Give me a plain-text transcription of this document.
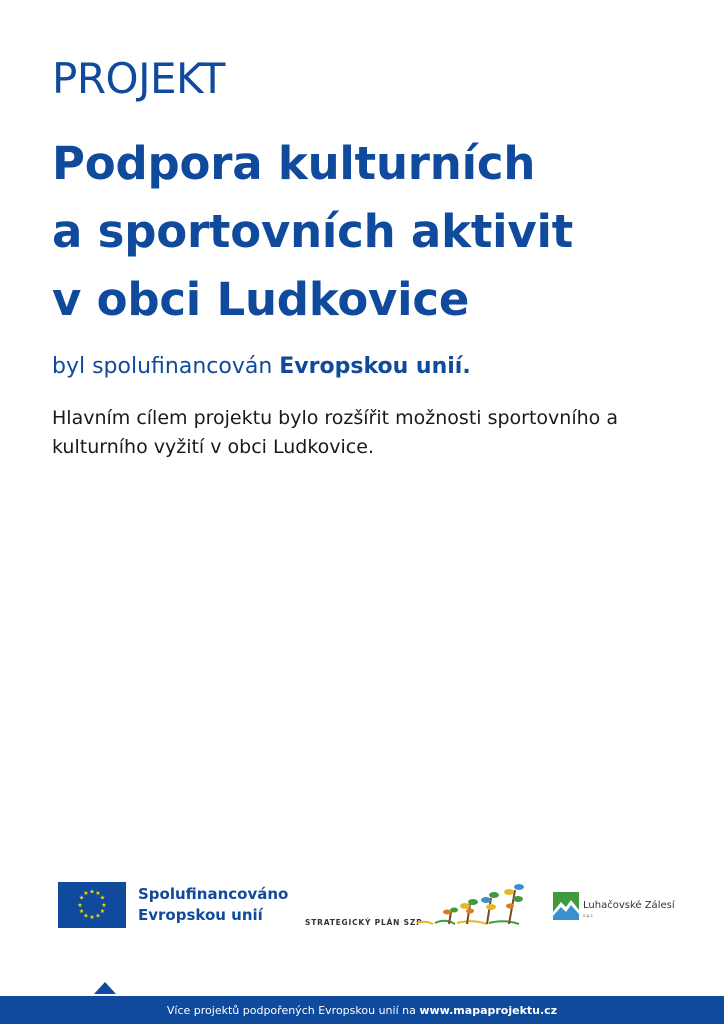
PROJEKT
Podpora kulturních
a sportovních aktivit
v obci Ludkovice
byl spolufinancován Evropskou unií.
Hlavním cílem projektu bylo rozšířit možnosti sportovního a kulturního vyžití v obci Ludkovice.
★ ★
★
★
★
★
★
★
★
★
★
★	Spolufinancováno
Evropskou unií	STRATEGICKÝ PLÁN SZP
Luhačovské Zálesí
o.p.s.
Více projektů podpořených Evropskou unií na www.mapaprojektu.cz
